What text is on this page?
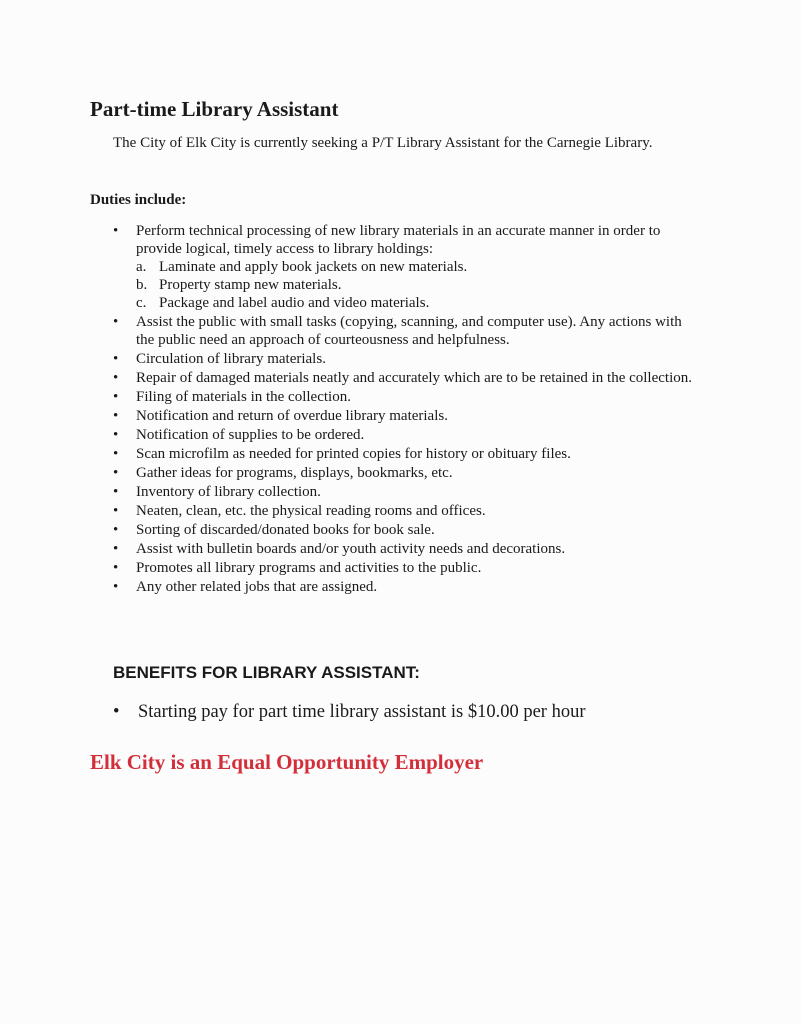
Part-time Library Assistant

The City of Elk City is currently seeking a P/T Library Assistant for the Carnegie Library.

Duties include:

•	Perform technical processing of new library materials in an accurate manner in order to provide logical, timely access to library holdings:
a. Laminate and apply book jackets on new materials.
b. Property stamp new materials.
c. Package and label audio and video materials.
•	Assist the public with small tasks (copying, scanning, and computer use). Any actions with the public need an approach of courteousness and helpfulness.
•	Circulation of library materials.
•	Repair of damaged materials neatly and accurately which are to be retained in the collection.
•	Filing of materials in the collection.
•	Notification and return of overdue library materials.
•	Notification of supplies to be ordered.
•	Scan microfilm as needed for printed copies for history or obituary files.
•	Gather ideas for programs, displays, bookmarks, etc.
•	Inventory of library collection.
•	Neaten, clean, etc. the physical reading rooms and offices.
•	Sorting of discarded/donated books for book sale.
•	Assist with bulletin boards and/or youth activity needs and decorations.
•	Promotes all library programs and activities to the public.
•	Any other related jobs that are assigned.

BENEFITS FOR LIBRARY ASSISTANT:

• Starting pay for part time library assistant is $10.00 per hour

Elk City is an Equal Opportunity Employer
